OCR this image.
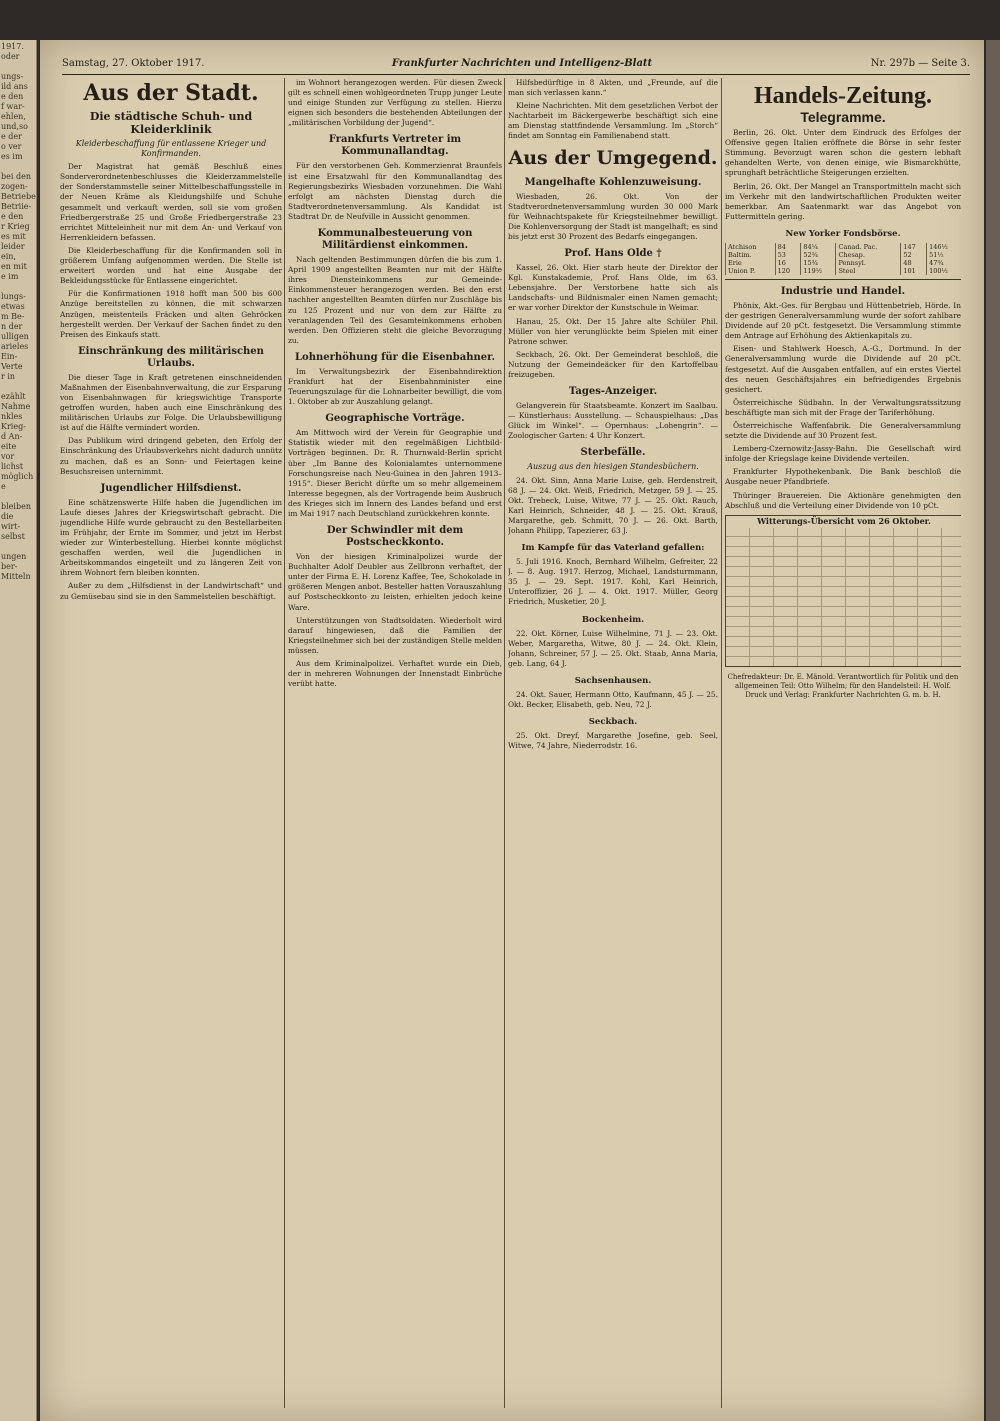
1917.
oder

ungs-
ild ans
e den
f war-
ehlen,
und,so
e der
o ver
es im

bei den
zogen-
Betriebe
Betriie-
e den
r Krieg
es mit
leider
ein,
en mit
e im

lungs-
etwas
m Be-
n der
ulligen
arieles
Ein-
Verte
r in

ezählt
Nahme
nkles
Krieg-
d An-
eite
vor
lichst
möglich
e

bleiben
die
wirt-
selbst

ungen
ber-
Mitteln
Samstag, 27. Oktober 1917.	Frankfurter Nachrichten und Intelligenz-Blatt	Nr. 297b — Seite 3.
Aus der Stadt.
Die städtische Schuh- und Kleiderklinik
Kleiderbeschaffung für entlassene Krieger und Konfirmanden.

Der Magistrat hat gemäß Beschluß eines Sonderverordnetenbeschlusses die Kleiderzammelstelle der Sonderstammstelle seiner Mittelbeschaffungsstelle in der Neuen Kräme als Kleidungshilfe und Schuhe gesammelt und verkauft werden, soll sie vom großen Friedbergerstraße 25 und Große Friedbergerstraße 23 errichtet Mitteleinheit nur mit dem An- und Verkauf von Herrenkleidern befassen.

Die Kleiderbeschaffung für die Konfirmanden soll in größerem Umfang aufgenommen werden. Die Stelle ist erweitert worden und hat eine Ausgabe der Bekleidungsstücke für Entlassene eingerichtet.

Für die Konfirmationen 1918 hofft man 500 bis 600 Anzüge bereitstellen zu können, die mit schwarzen Anzügen, meistenteils Fräcken und alten Gehröcken hergestellt werden. Der Verkauf der Sachen findet zu den Preisen des Einkaufs statt.

Einschränkung des militärischen Urlaubs.

Die dieser Tage in Kraft getretenen einschneidenden Maßnahmen der Eisenbahnverwaltung, die zur Ersparung von Eisenbahnwagen für kriegswichtige Transporte getroffen wurden, haben auch eine Einschränkung des militärischen Urlaubs zur Folge. Die Urlaubsbewilligung ist auf die Hälfte vermindert worden.

Das Publikum wird dringend gebeten, den Erfolg der Einschränkung des Urlaubsverkehrs nicht dadurch unnütz zu machen, daß es an Sonn- und Feiertagen keine Besuchsreisen unternimmt.

Jugendlicher Hilfsdienst.

Eine schätzenswerte Hilfe haben die Jugendlichen im Laufe dieses Jahres der Kriegswirtschaft gebracht. Die jugendliche Hilfe wurde gebraucht zu den Bestellarbeiten im Frühjahr, der Ernte im Sommer, und jetzt im Herbst wieder zur Winterbestellung. Hierbei konnte möglichst geschaffen werden, weil die Jugendlichen in Arbeitskommandos eingeteilt und zu längeren Zeit von ihrem Wohnort fern bleiben konnten.

Außer zu dem „Hilfsdienst in der Landwirtschaft“ und zu Gemüsebau sind sie in den Sammelstellen beschäftigt.

im Wohnort herangezogen werden. Für diesen Zweck gilt es schnell einen wohlgeordneten Trupp junger Leute und einige Stunden zur Verfügung zu stellen. Hierzu eignen sich besonders die bestehenden Abteilungen der „militärischen Vorbildung der Jugend“.

Frankfurts Vertreter im Kommunallandtag.

Für den verstorbenen Geh. Kommerzienrat Braunfels ist eine Ersatzwahl für den Kommunallandtag des Regierungsbezirks Wiesbaden vorzunehmen. Die Wahl erfolgt am nächsten Dienstag durch die Stadtverordnetenversammlung. Als Kandidat ist Stadtrat Dr. de Neufville in Aussicht genommen.

Kommunalbesteuerung von Militärdienst einkommen.

Nach geltenden Bestimmungen dürfen die bis zum 1. April 1909 angestellten Beamten nur mit der Hälfte ihres Diensteinkommens zur Gemeinde-Einkommensteuer herangezogen werden. Bei den erst nachher angestellten Beamten dürfen nur Zuschläge bis zu 125 Prozent und nur von dem zur Hälfte zu veranlagenden Teil des Gesamteinkommens erhoben werden. Den Offizieren steht die gleiche Bevorzugung zu.

Lohnerhöhung für die Eisenbahner.

Im Verwaltungsbezirk der Eisenbahndirektion Frankfurt hat der Eisenbahnminister eine Teuerungszulage für die Lohnarbeiter bewilligt, die vom 1. Oktober ab zur Auszahlung gelangt.

Geographische Vorträge.

Am Mittwoch wird der Verein für Geographie und Statistik wieder mit den regelmäßigen Lichtbild-Vorträgen beginnen. Dr. R. Thurnwald-Berlin spricht über „Im Banne des Kolonialamtes unternommene Forschungsreise nach Neu-Guinea in den Jahren 1913–1915“. Dieser Bericht dürfte um so mehr allgemeinem Interesse begegnen, als der Vortragende beim Ausbruch des Krieges sich im Innern des Landes befand und erst im Mai 1917 nach Deutschland zurückkehren konnte.

Der Schwindler mit dem Postscheckkonto.

Von der hiesigen Kriminalpolizei wurde der Buchhalter Adolf Deubler aus Zellbronn verhaftet, der unter der Firma E. H. Lorenz Kaffee, Tee, Schokolade in größeren Mengen anbot. Besteller hatten Vorauszahlung auf Postscheckkonto zu leisten, erhielten jedoch keine Ware.

Unterstützungen von Stadtsoldaten. Wiederholt wird darauf hingewiesen, daß die Familien der Kriegsteilnehmer sich bei der zuständigen Stelle melden müssen.

Aus dem Kriminalpolizei. Verhaftet wurde ein Dieb, der in mehreren Wohnungen der Innenstadt Einbrüche verübt hatte.

Hilfsbedürftige in 8 Akten, und „Freunde, auf die man sich verlassen kann.“

Kleine Nachrichten. Mit dem gesetzlichen Verbot der Nachtarbeit im Bäckergewerbe beschäftigt sich eine am Dienstag stattfindende Versammlung. Im „Storch“ findet am Sonntag ein Familienabend statt.

Aus der Umgegend.
Mangelhafte Kohlenzuweisung.

Wiesbaden, 26. Okt. Von der Stadtverordnetenversammlung wurden 30 000 Mark für Weihnachtspakete für Kriegsteilnehmer bewilligt. Die Kohlenversorgung der Stadt ist mangelhaft; es sind bis jetzt erst 30 Prozent des Bedarfs eingegangen.

Prof. Hans Olde †

Kassel, 26. Okt. Hier starb heute der Direktor der Kgl. Kunstakademie, Prof. Hans Olde, im 63. Lebensjahre. Der Verstorbene hatte sich als Landschafts- und Bildnismaler einen Namen gemacht; er war vorher Direktor der Kunstschule in Weimar.

Hanau, 25. Okt. Der 15 Jahre alte Schüler Phil. Müller von hier verunglückte beim Spielen mit einer Patrone schwer.

Seckbach, 26. Okt. Der Gemeinderat beschloß, die Nutzung der Gemeindeäcker für den Kartoffelbau freizugeben.

Tages-Anzeiger.

Gelangverein für Staatsbeamte. Konzert im Saalbau. — Künstlerhaus: Ausstellung. — Schauspielhaus: „Das Glück im Winkel“. — Opernhaus: „Lohengrin“. — Zoologischer Garten: 4 Uhr Konzert.

Sterbefälle.
Auszug aus den hiesigen Standesbüchern.

24. Okt. Sinn, Anna Marie Luise, geb. Herdenstreit, 68 J. — 24. Okt. Weiß, Friedrich, Metzger, 59 J. — 25. Okt. Trebeck, Luise, Witwe, 77 J. — 25. Okt. Rauch, Karl Heinrich, Schneider, 48 J. — 25. Okt. Krauß, Margarethe, geb. Schmitt, 70 J. — 26. Okt. Barth, Johann Philipp, Tapezierer, 63 J.

Im Kampfe für das Vaterland gefallen:

5. Juli 1916. Knoch, Bernhard Wilhelm, Gefreiter, 22 J. — 8. Aug. 1917. Herzog, Michael, Landsturmmann, 35 J. — 29. Sept. 1917. Kohl, Karl Heinrich, Unteroffizier, 26 J. — 4. Okt. 1917. Müller, Georg Friedrich, Musketier, 20 J.

Bockenheim.

22. Okt. Körner, Luise Wilhelmine, 71 J. — 23. Okt. Weber, Margaretha, Witwe, 80 J. — 24. Okt. Klein, Johann, Schreiner, 57 J. — 25. Okt. Staab, Anna Maria, geb. Lang, 64 J.

Sachsenhausen.

24. Okt. Sauer, Hermann Otto, Kaufmann, 45 J. — 25. Okt. Becker, Elisabeth, geb. Neu, 72 J.

Seckbach.

25. Okt. Dreyf, Margarethe Josefine, geb. Seel, Witwe, 74 Jahre, Niederrodstr. 16.

Handels-Zeitung.
Telegramme.

Berlin, 26. Okt. Unter dem Eindruck des Erfolges der Offensive gegen Italien eröffnete die Börse in sehr fester Stimmung. Bevorzugt waren schon die gestern lebhaft gehandelten Werte, von denen einige, wie Bismarckhütte, sprunghaft beträchtliche Steigerungen erzielten.

Berlin, 26. Okt. Der Mangel an Transportmitteln macht sich im Verkehr mit den landwirtschaftlichen Produkten weiter bemerkbar. Am Saatenmarkt war das Angebot von Futtermitteln gering.

New Yorker Fondsbörse.
Atchison	84	84¼	Canad. Pac.	147	146½
Baltim.	53	52¾	Chesap.	52	51½
Erie	16	15¾	Pennsyl.	48	47¾
Union P.	120	119½	Steel	101	100½
Industrie und Handel.

Phönix, Akt.-Ges. für Bergbau und Hüttenbetrieb, Hörde. In der gestrigen Generalversammlung wurde der sofort zahlbare Dividende auf 20 pCt. festgesetzt. Die Versammlung stimmte dem Antrage auf Erhöhung des Aktienkapitals zu.

Eisen- und Stahlwerk Hoesch, A.-G., Dortmund. In der Generalversammlung wurde die Dividende auf 20 pCt. festgesetzt. Auf die Ausgaben entfallen, auf ein erstes Viertel des neuen Geschäftsjahres ein befriedigendes Ergebnis gesichert.

Österreichische Südbahn. In der Verwaltungsratssitzung beschäftigte man sich mit der Frage der Tariferhöhung.

Österreichische Waffenfabrik. Die Generalversammlung setzte die Dividende auf 30 Prozent fest.

Lemberg-Czernowitz-Jassy-Bahn. Die Gesellschaft wird infolge der Kriegslage keine Dividende verteilen.

Frankfurter Hypothekenbank. Die Bank beschloß die Ausgabe neuer Pfandbriefe.

Thüringer Brauereien. Die Aktionäre genehmigten den Abschluß und die Verteilung einer Dividende von 10 pCt.

Witterungs-Übersicht vom 26 Oktober.
Chefredakteur: Dr. E. Mänold. Verantwortlich für Politik und den allgemeinen Teil: Otto Wilhelm; für den Handelsteil: H. Wolf. Druck und Verlag: Frankfurter Nachrichten G. m. b. H.
